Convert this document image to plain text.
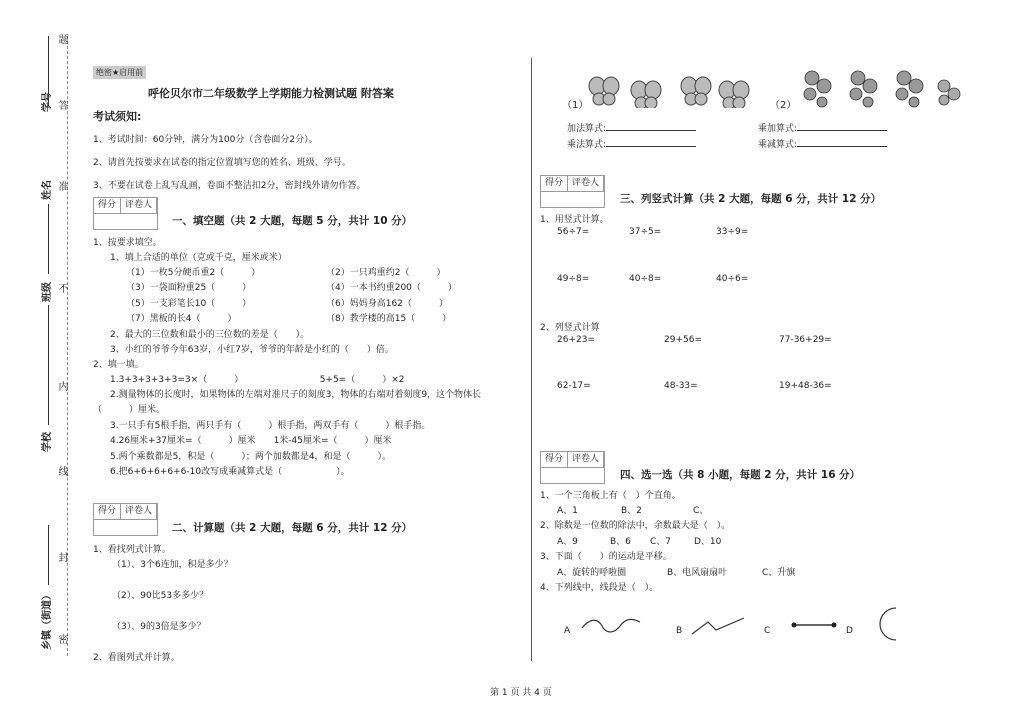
学号
姓名
班级
学校
乡镇（街道）
题
答
准
不
内
线
封
密
绝密★启用前
呼伦贝尔市二年级数学上学期能力检测试题 附答案
考试须知:
1、考试时间：60分钟，满分为100分（含卷面分2分）。
2、请首先按要求在试卷的指定位置填写您的姓名、班级、学号。
3、不要在试卷上乱写乱画，卷面不整洁扣2分，密封线外请勿作答。
得分	评卷人
一、填空题（共 2 大题，每题 5 分，共计 10 分）
1、按要求填空。
1、填上合适的单位（克或千克，厘米或米）
（1）一枚5分硬币重2（　　　）	（2）一只鸡重约2（　　　）
（3）一袋面粉重25（　　　）	（4）一本书约重200（　　　）
（5）一支彩笔长10（　　　）	（6）妈妈身高162（　　　）
（7）黑板的长4（　　　）	（8）教学楼的高15（　　　）
2、最大的三位数和最小的三位数的差是（　　）。
3、小红的爷爷今年63岁，小红7岁，爷爷的年龄是小红的（　　）倍。
2、填一填。
1.3+3+3+3+3=3×（　　　）　　　　　　　　　5+5=（　　　）×2
2.测量物体的长度时，如果物体的左端对准尺子的刻度3，物体的右端对着刻度9，这个物体长
（　　　）厘米。
3.一只手有5根手指，两只手有（　　　）根手指，两双手有（　　　）根手指。
4.26厘米+37厘米=（　　　）厘米　　1米-45厘米=（　　　）厘米
5.两个乘数都是5，积是（　　　）；两个加数都是4，和是（　　　）。
6.把6+6+6+6+6-10改写成乘减算式是（　　　　　　）。
得分	评卷人
二、计算题（共 2 大题，每题 6 分，共计 12 分）
1、看找列式计算。
（1）、3个6连加，积是多少？
（2）、90比53多多少？
（3）、9的3倍是多少？
2、看图列式并计算。
（1）	（2）
加法算式:
乘法算式:
乘加算式:
乘减算式:
得分	评卷人
三、列竖式计算（共 2 大题，每题 6 分，共计 12 分）
1、用竖式计算。
56÷7=	37÷5=	33÷9=
49÷8=	40÷8=	40÷6=
2、列竖式计算
26+23=	29+56=	77-36+29=
62-17=	48-33=	19+48-36=
得分	评卷人
四、选一选（共 8 小题，每题 2 分，共计 16 分）
1、一个三角板上有（　）个直角。
A、1	B、2	C、
2、除数是一位数的除法中，余数最大是（　）。
A、9	B、6 C、7	D、10
3、下面（　　）的运动是平移。
A、旋转的呼啦圈	B、电风扇扇叶	C、升旗
4、下列线中，线段是（　）。
A	B	C	D
第 1 页 共 4 页
